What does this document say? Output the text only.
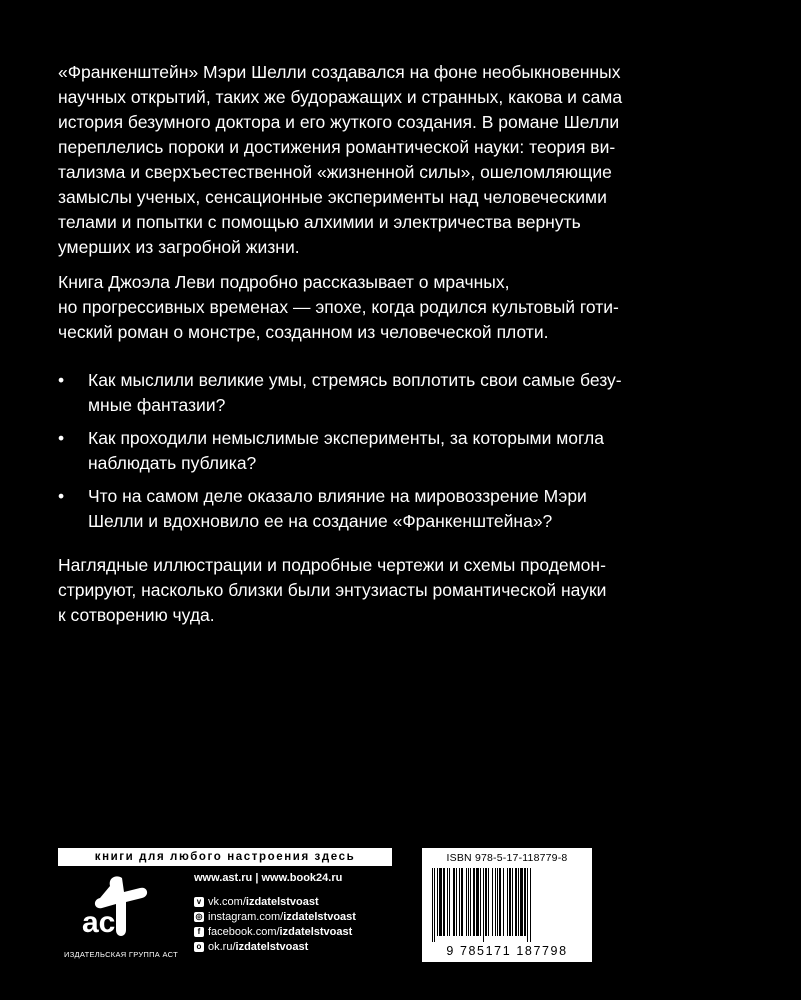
«Франкенштейн» Мэри Шелли создавался на фоне необыкновенных
научных открытий, таких же будоражащих и странных, какова и сама
история безумного доктора и его жуткого создания. В романе Шелли
переплелись пороки и достижения романтической науки: теория ви-
тализма и сверхъестественной «жизненной силы», ошеломляющие
замыслы ученых, сенсационные эксперименты над человеческими
телами и попытки с помощью алхимии и электричества вернуть
умерших из загробной жизни.
Книга Джоэла Леви подробно рассказывает о мрачных,
но прогрессивных временах — эпохе, когда родился культовый готи-
ческий роман о монстре, созданном из человеческой плоти.
• Как мыслили великие умы, стремясь воплотить свои самые безу-
мные фантазии?
• Как проходили немыслимые эксперименты, за которыми могла
наблюдать публика?
• Что на самом деле оказало влияние на мировоззрение Мэри
Шелли и вдохновило ее на создание «Франкенштейна»?
Наглядные иллюстрации и подробные чертежи и схемы продемон-
стрируют, насколько близки были энтузиасты романтической науки
к сотворению чуда.
книги для любого настроения здесь
ac
ИЗДАТЕЛЬСКАЯ ГРУППА АСТ
www.ast.ru | www.book24.ru
v vk.com/ izdatelstvoast
◎ instagram.com/ izdatelstvoast
f facebook.com/ izdatelstvoast
o ok.ru/ izdatelstvoast
ISBN 978-5-17-118779-8
9 785171 187798
